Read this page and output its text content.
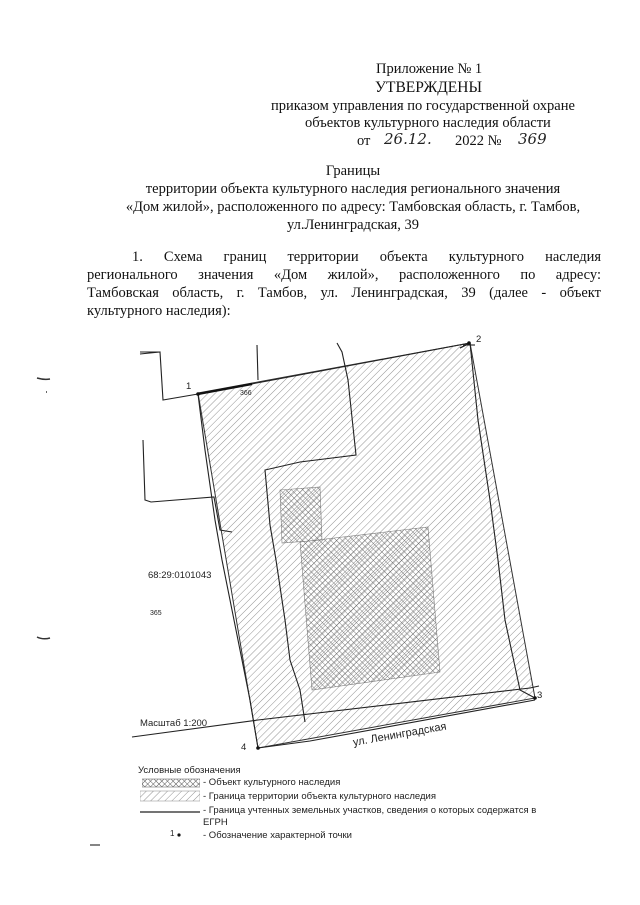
Приложение № 1
УТВЕРЖДЕНЫ
приказом управления по государственной охране
объектов культурного наследия области
от 26.12. 2022 № 369
Границы
территории объекта культурного наследия регионального значения
«Дом жилой», расположенного по адресу: Тамбовская область, г. Тамбов,
ул.Ленинградская, 39
1. Схема границ территории объекта культурного наследия
регионального значения «Дом жилой», расположенного по адресу:
Тамбовская область, г. Тамбов, ул. Ленинградская, 39 (далее - объект
культурного наследия):
1
2
3
4
366
68:29:0101043
365
Масштаб 1:200	ул. Ленинградская
Условные обозначения
- Объект культурного наследия
- Граница территории объекта культурного наследия
- Граница учтенных земельных участков, сведения о которых содержатся в
ЕГРН
1	- Обозначение характерной точки
